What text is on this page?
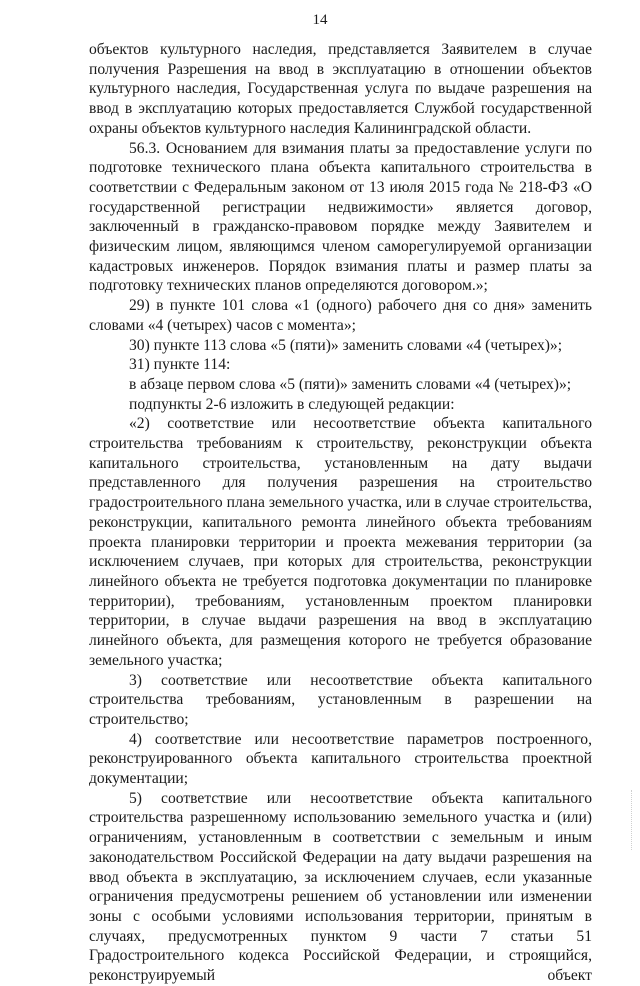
14

объектов культурного наследия, представляется Заявителем в случае получения Разрешения на ввод в эксплуатацию в отношении объектов культурного наследия, Государственная услуга по выдаче разрешения на ввод в эксплуатацию которых предоставляется Службой государственной охраны объектов культурного наследия Калининградской области.

56.3. Основанием для взимания платы за предоставление услуги по подготовке технического плана объекта капитального строительства в соответствии с Федеральным законом от 13 июля 2015 года № 218-ФЗ «О государственной регистрации недвижимости» является договор, заключенный в гражданско-правовом порядке между Заявителем и физическим лицом, являющимся членом саморегулируемой организации кадастровых инженеров. Порядок взимания платы и размер платы за подготовку технических планов определяются договором.»;

29) в пункте 101 слова «1 (одного) рабочего дня со дня» заменить словами «4 (четырех) часов с момента»;

30) пункте 113 слова «5 (пяти)» заменить словами «4 (четырех)»;

31) пункте 114:

в абзаце первом слова «5 (пяти)» заменить словами «4 (четырех)»;

подпункты 2-6 изложить в следующей редакции:

«2) соответствие или несоответствие объекта капитального строительства требованиям к строительству, реконструкции объекта капитального строительства, установленным на дату выдачи представленного для получения разрешения на строительство градостроительного плана земельного участка, или в случае строительства, реконструкции, капитального ремонта линейного объекта требованиям проекта планировки территории и проекта межевания территории (за исключением случаев, при которых для строительства, реконструкции линейного объекта не требуется подготовка документации по планировке территории), требованиям, установленным проектом планировки территории, в случае выдачи разрешения на ввод в эксплуатацию линейного объекта, для размещения которого не требуется образование земельного участка;

3) соответствие или несоответствие объекта капитального строительства требованиям, установленным в разрешении на строительство;

4) соответствие или несоответствие параметров построенного, реконструированного объекта капитального строительства проектной документации;

5) соответствие или несоответствие объекта капитального строительства разрешенному использованию земельного участка и (или) ограничениям, установленным в соответствии с земельным и иным законодательством Российской Федерации на дату выдачи разрешения на ввод объекта в эксплуатацию, за исключением случаев, если указанные ограничения предусмотрены решением об установлении или изменении зоны с особыми условиями использования территории, принятым в случаях, предусмотренных пунктом 9 части 7 статьи 51 Градостроительного кодекса Российской Федерации, и строящийся, реконструируемый объект
